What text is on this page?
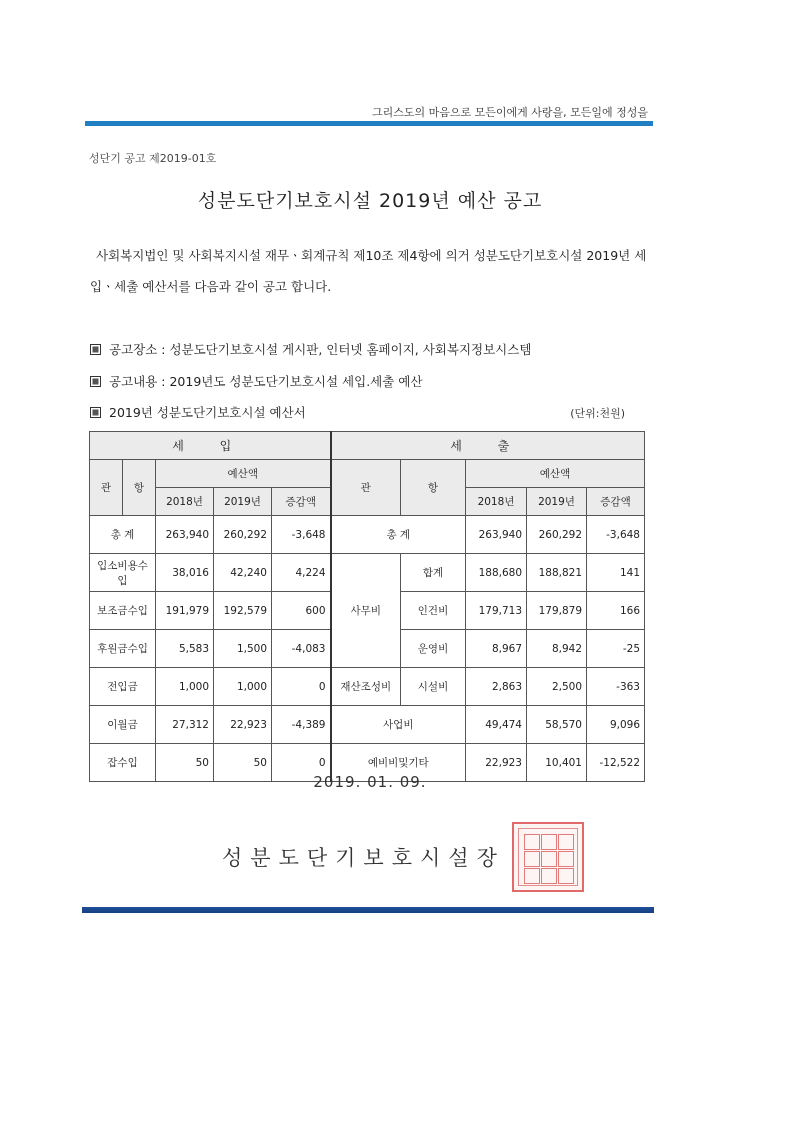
그리스도의 마음으로 모든이에게 사랑을, 모든일에 정성을
성단기 공고 제2019-01호
성분도단기보호시설 2019년 예산 공고
사회복지법인 및 사회복지시설 재무ㆍ회계규칙 제10조 제4항에 의거 성분도단기보호시설 2019년 세입ㆍ세출 예산서를 다음과 같이 공고 합니다.
공고장소 : 성분도단기보호시설 게시판, 인터넷 홈페이지, 사회복지정보시스템
공고내용 : 2019년도 성분도단기보호시설 세입.세출 예산
2019년 성분도단기보호시설 예산서	(단위:천원)
세 입					세 출				
관	항	예산액			관	항	예산액		
		2018년	2019년	증감액			2018년	2019년	증감액
총 계		263,940	260,292	-3,648	총 계		263,940	260,292	-3,648
입소비용수입		38,016	42,240	4,224	사무비	합계	188,680	188,821	141
보조금수입		191,979	192,579	600		인건비	179,713	179,879	166
후원금수입		5,583	1,500	-4,083		운영비	8,967	8,942	-25
전입금		1,000	1,000	0	재산조성비	시설비	2,863	2,500	-363
이월금		27,312	22,923	-4,389	사업비		49,474	58,570	9,096
잡수입		50	50	0	예비비및기타		22,923	10,401	-12,522
2019. 01. 09.
성분도단기보호시설장
